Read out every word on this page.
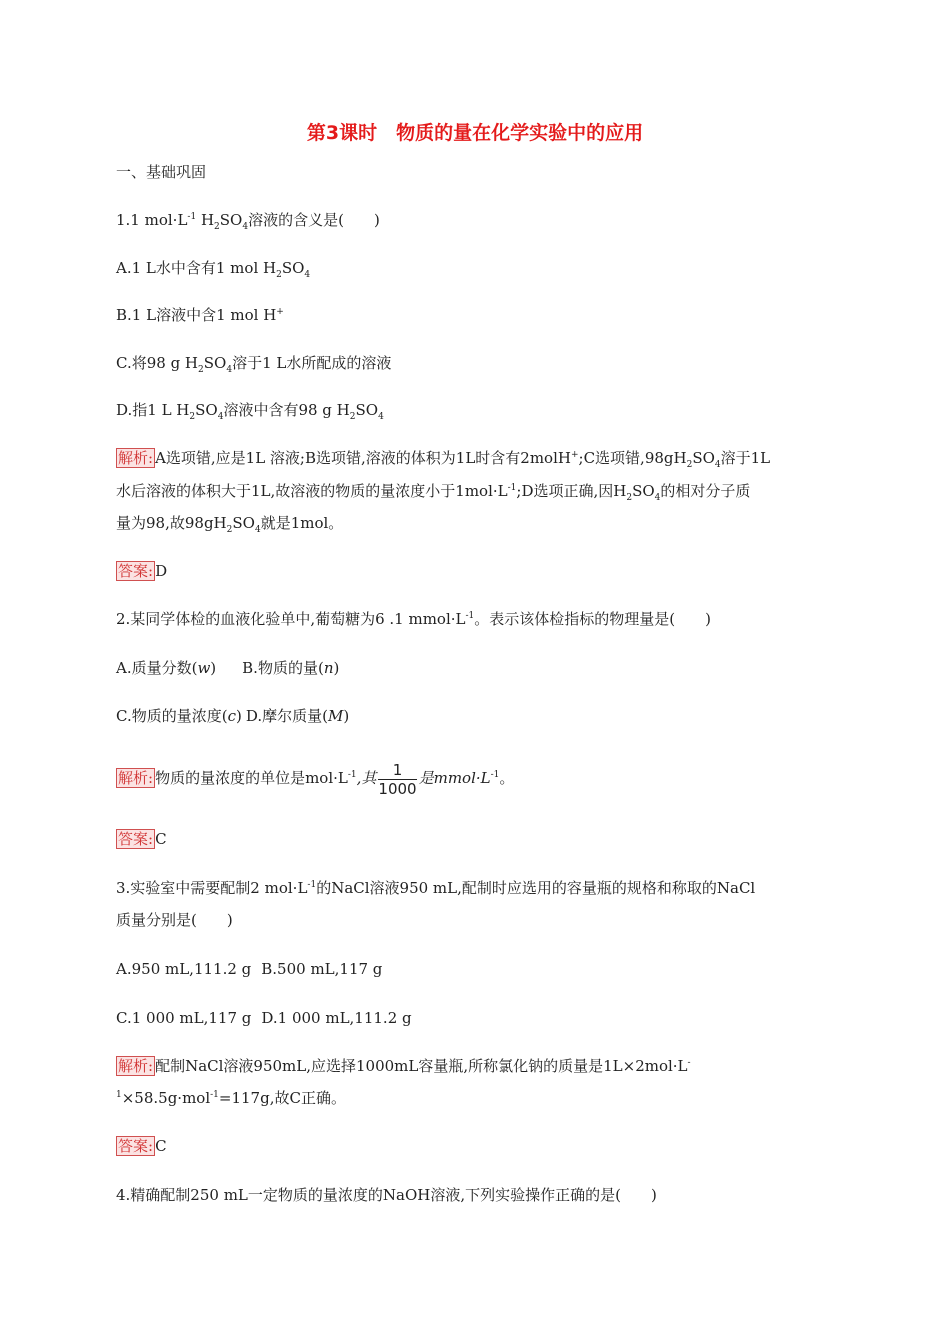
第3课时　物质的量在化学实验中的应用
一、基础巩固
1.1 $mol\cdot L^{-1}$ $H_2SO_4$溶液的含义是(　　)
A.1 L水中含有1 mol $H_2SO_4$
B.1 L溶液中含1 mol H+
C.将98 g $H_2SO_4$溶于1 L水所配成的溶液
D.指1 L $H_2SO_4$溶液中含有98 g $H_2SO_4$
解析: A选项错,应是1L 溶液;B选项错,溶液的体积为1L时含有2molH+;C选项错$,98gH_2SO_4$溶于1L
水后溶液的体积大于1L,故溶液的物质的量浓度小于$1mol\cdot L^{-1};D$选项正确,因$H_2SO_4$的相对分子质
量为98,故$98gH_2SO_4$就是1mol。
答案: D
2.某同学体检的血液化验单中,葡萄糖为6 .1 $mmol\cdot L^{-1}$。表示该体检指标的物理量是(　　)
A.质量分数(w) B.物质的量(n)
C.物质的量浓度(c) D.摩尔质量(M)
解析: 物质的量浓度的单位是$mol\cdot L^{-1}$,其 $\frac{1}{1000}$ 是$mmol\cdot L^{-1}$。
答案: C
3.实验室中需要配制2 $mol\cdot L^{-1}$的NaCl溶液950 mL,配制时应选用的容量瓶的规格和称取的NaCl
质量分别是(　　)
A.950 mL,111.2 g B.500 mL,117 g
C.1 000 mL,117 g D.1 000 mL,111.2 g
解析: 配制NaCl溶液950mL,应选择1000mL容量瓶,所称氯化钠的质量是1L×2mol·L-
$^1$×58.5g·mol$^{-1}$=117g,故C正确。
答案: C
4.精确配制250 mL一定物质的量浓度的NaOH溶液,下列实验操作正确的是(　　)
